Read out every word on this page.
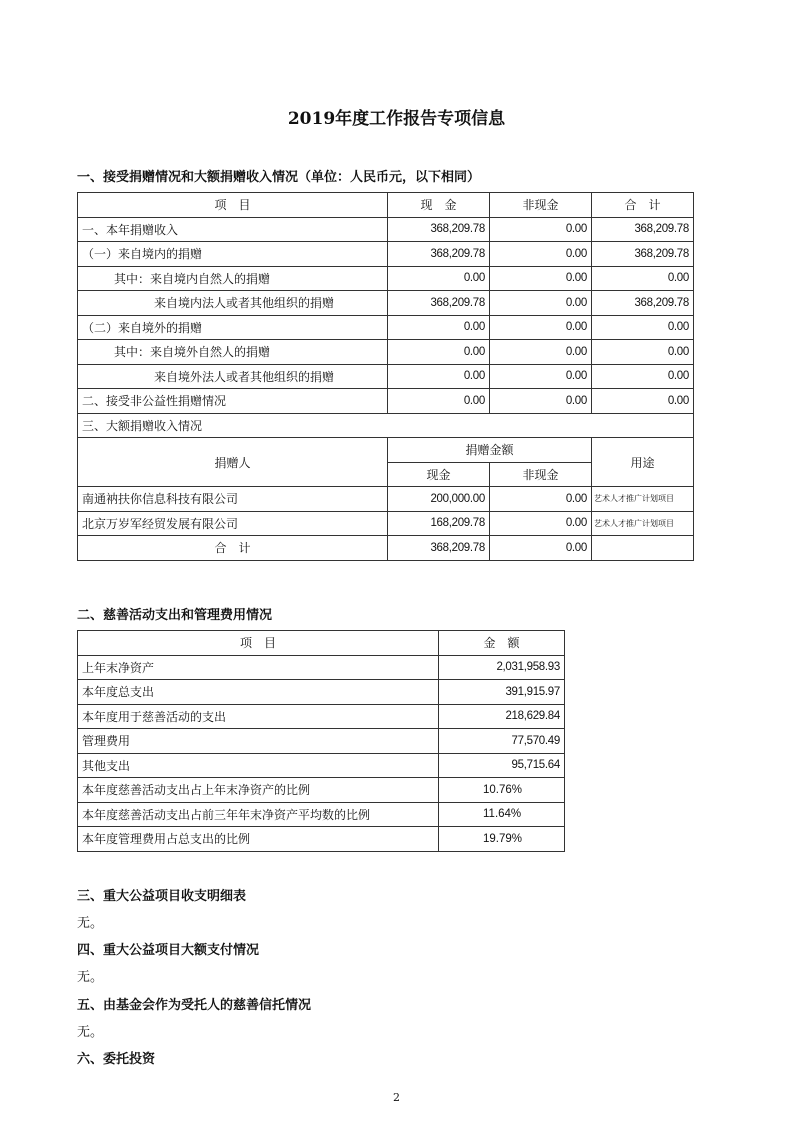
2019年度工作报告专项信息
一、接受捐赠情况和大额捐赠收入情况（单位：人民币元，以下相同）
项　目	现　金	非现金	合　计
一、本年捐赠收入	368,209.78	0.00	368,209.78
（一）来自境内的捐赠	368,209.78	0.00	368,209.78
其中：来自境内自然人的捐赠	0.00	0.00	0.00
来自境内法人或者其他组织的捐赠	368,209.78	0.00	368,209.78
（二）来自境外的捐赠	0.00	0.00	0.00
其中：来自境外自然人的捐赠	0.00	0.00	0.00
来自境外法人或者其他组织的捐赠	0.00	0.00	0.00
二、接受非公益性捐赠情况	0.00	0.00	0.00
三、大额捐赠收入情况			
捐赠人	捐赠金额		用途
	现金	非现金	
南通衲扶你信息科技有限公司	200,000.00	0.00	艺术人才推广计划项目
北京万岁军经贸发展有限公司	168,209.78	0.00	艺术人才推广计划项目
合　计	368,209.78	0.00	
二、慈善活动支出和管理费用情况
项　目	金　额
上年末净资产	2,031,958.93
本年度总支出	391,915.97
本年度用于慈善活动的支出	218,629.84
管理费用	77,570.49
其他支出	95,715.64
本年度慈善活动支出占上年末净资产的比例	10.76%
本年度慈善活动支出占前三年年末净资产平均数的比例	11.64%
本年度管理费用占总支出的比例	19.79%
三、重大公益项目收支明细表
无。
四、重大公益项目大额支付情况
无。
五、由基金会作为受托人的慈善信托情况
无。
六、委托投资
2
